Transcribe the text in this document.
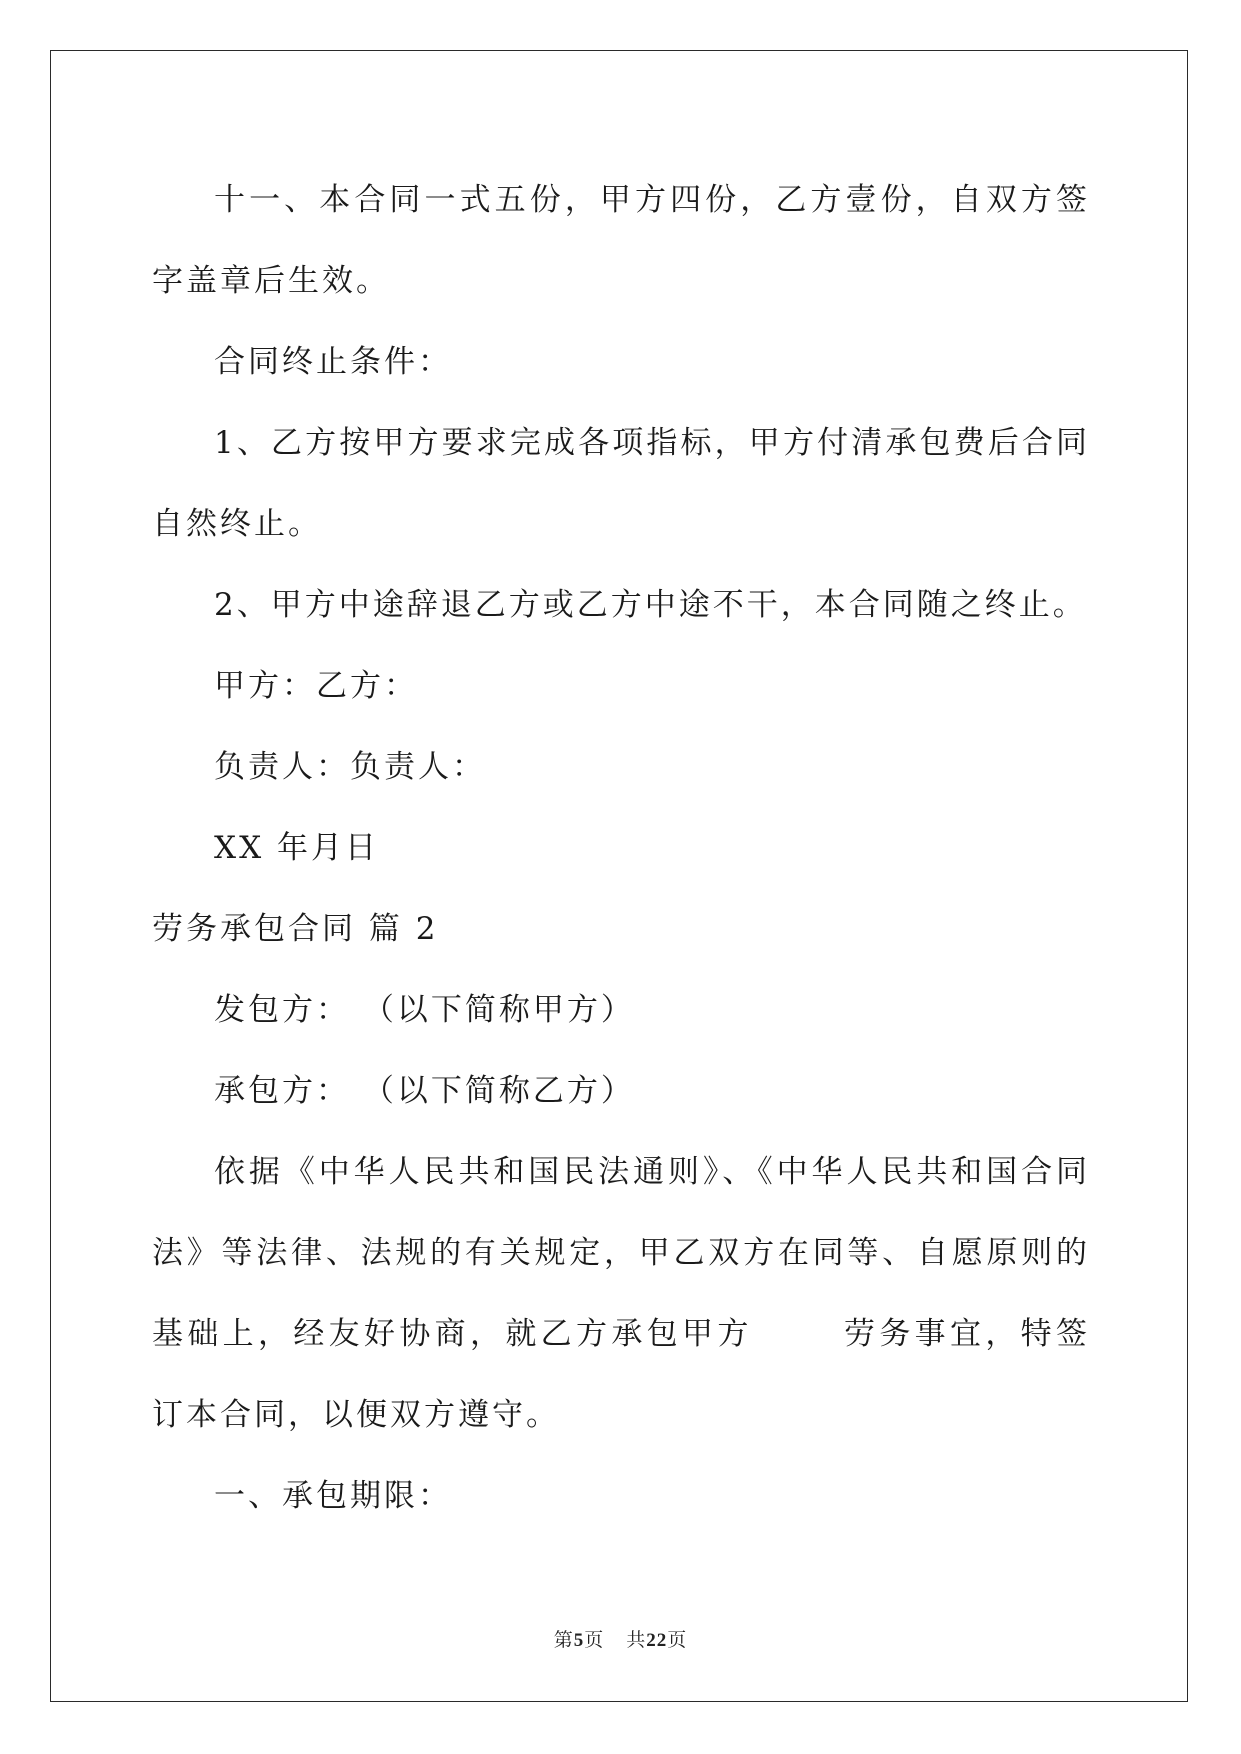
十一、本合同一式五份，甲方四份，乙方壹份，自双方签字盖章后生效。

合同终止条件：

1、乙方按甲方要求完成各项指标，甲方付清承包费后合同自然终止。

2、甲方中途辞退乙方或乙方中途不干，本合同随之终止。

甲方：乙方：

负责人：负责人：

XX 年月日

劳务承包合同 篇 2

发包方： （以下简称甲方）

承包方： （以下简称乙方）

依据《中华人民共和国民法通则》、《中华人民共和国合同法》等法律、法规的有关规定，甲乙双方在同等、自愿原则的基础上，经友好协商，就乙方承包甲方	劳务事宜，特签订本合同，以便双方遵守。

一、承包期限：

第5页 共22页
